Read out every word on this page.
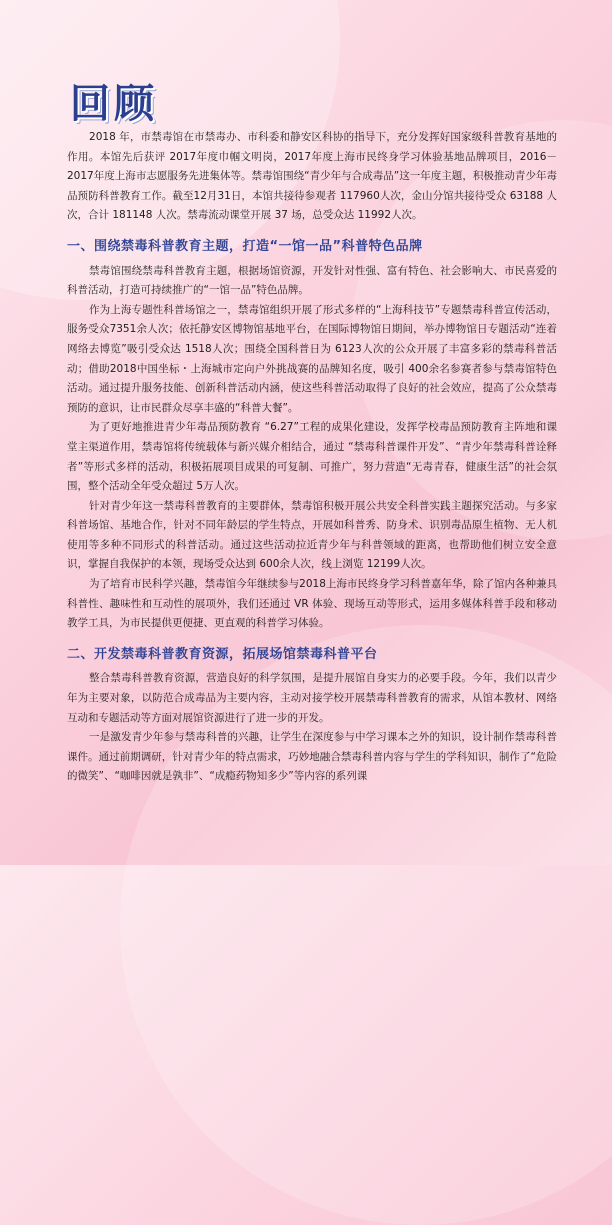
回顾

2018 年，市禁毒馆在市禁毒办、市科委和静安区科协的指导下，充分发挥好国家级科普教育基地的作用。本馆先后获评 2017年度巾帼文明岗，2017年度上海市民终身学习体验基地品牌项目，2016－2017年度上海市志愿服务先进集体等。禁毒馆围绕“青少年与合成毒品”这一年度主题，积极推动青少年毒品预防科普教育工作。截至12月31日，本馆共接待参观者 117960人次，金山分馆共接待受众 63188 人次，合计 181148 人次。禁毒流动课堂开展 37 场，总受众达 11992人次。

一、围绕禁毒科普教育主题，打造“一馆一品”科普特色品牌

禁毒馆围绕禁毒科普教育主题，根据场馆资源，开发针对性强、富有特色、社会影响大、市民喜爱的科普活动，打造可持续推广的“一馆一品”特色品牌。

作为上海专题性科普场馆之一，禁毒馆组织开展了形式多样的“上海科技节”专题禁毒科普宣传活动，服务受众7351余人次；依托静安区博物馆基地平台，在国际博物馆日期间，举办博物馆日专题活动“连着网络去博览”吸引受众达 1518人次；围绕全国科普日为 6123人次的公众开展了丰富多彩的禁毒科普活动；借助2018中国坐标・上海城市定向户外挑战赛的品牌知名度，吸引 400余名参赛者参与禁毒馆特色活动。通过提升服务技能、创新科普活动内涵，使这些科普活动取得了良好的社会效应，提高了公众禁毒预防的意识，让市民群众尽享丰盛的“科普大餐”。

为了更好地推进青少年毒品预防教育 “6.27”工程的成果化建设，发挥学校毒品预防教育主阵地和课堂主渠道作用，禁毒馆将传统载体与新兴媒介相结合，通过 “禁毒科普课件开发”、“青少年禁毒科普诠释者”等形式多样的活动，积极拓展项目成果的可复制、可推广，努力营造“无毒青春，健康生活”的社会氛围，整个活动全年受众超过 5万人次。

针对青少年这一禁毒科普教育的主要群体，禁毒馆积极开展公共安全科普实践主题探究活动。与多家科普场馆、基地合作，针对不同年龄层的学生特点，开展如科普秀、防身术、识别毒品原生植物、无人机使用等多种不同形式的科普活动。通过这些活动拉近青少年与科普领域的距离，也帮助他们树立安全意识，掌握自我保护的本领，现场受众达到 600余人次，线上浏览 12199人次。

为了培育市民科学兴趣，禁毒馆今年继续参与2018上海市民终身学习科普嘉年华，除了馆内各种兼具科普性、趣味性和互动性的展项外，我们还通过 VR 体验、现场互动等形式，运用多媒体科普手段和移动教学工具，为市民提供更便捷、更直观的科普学习体验。

二、开发禁毒科普教育资源，拓展场馆禁毒科普平台

整合禁毒科普教育资源，营造良好的科学氛围，是提升展馆自身实力的必要手段。今年，我们以青少年为主要对象，以防范合成毒品为主要内容，主动对接学校开展禁毒科普教育的需求，从馆本教材、网络互动和专题活动等方面对展馆资源进行了进一步的开发。

一是激发青少年参与禁毒科普的兴趣，让学生在深度参与中学习课本之外的知识，设计制作禁毒科普课件。通过前期调研，针对青少年的特点需求，巧妙地融合禁毒科普内容与学生的学科知识，制作了“危险的微笑”、“咖啡因就是孰非”、“成瘾药物知多少”等内容的系列课
